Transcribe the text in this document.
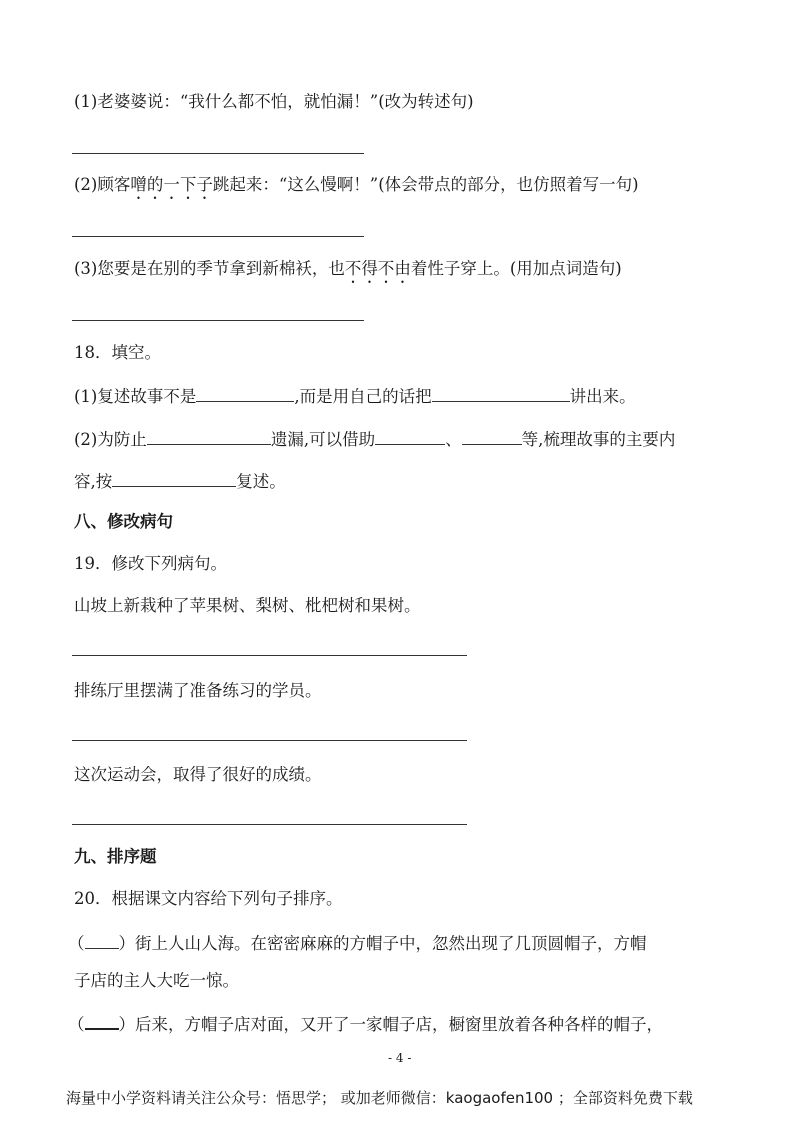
(1)老婆婆说：“我什么都不怕，就怕漏！”(改为转述句)
(2)顾客噌的一下子跳起来：“这么慢啊！”(体会带点的部分，也仿照着写一句)
(3)您要是在别的季节拿到新棉袄，也不得不由着性子穿上。(用加点词造句)
18．填空。
(1)复述故事不是	,而是用自己的话把	讲出来。
(2)为防止	遗漏,可以借助	、	等,梳理故事的主要内
容,按	复述。
八、修改病句
19．修改下列病句。
山坡上新栽种了苹果树、梨树、枇杷树和果树。
排练厅里摆满了准备练习的学员。
这次运动会，取得了很好的成绩。
九、排序题
20．根据课文内容给下列句子排序。
（ ）街上人山人海。在密密麻麻的方帽子中，忽然出现了几顶圆帽子，方帽
子店的主人大吃一惊。
（ ）后来，方帽子店对面，又开了一家帽子店，橱窗里放着各种各样的帽子，
- 4 -
海量中小学资料请关注公众号：悟思学； 或加老师微信：kaogaofen100 ；全部资料免费下载
